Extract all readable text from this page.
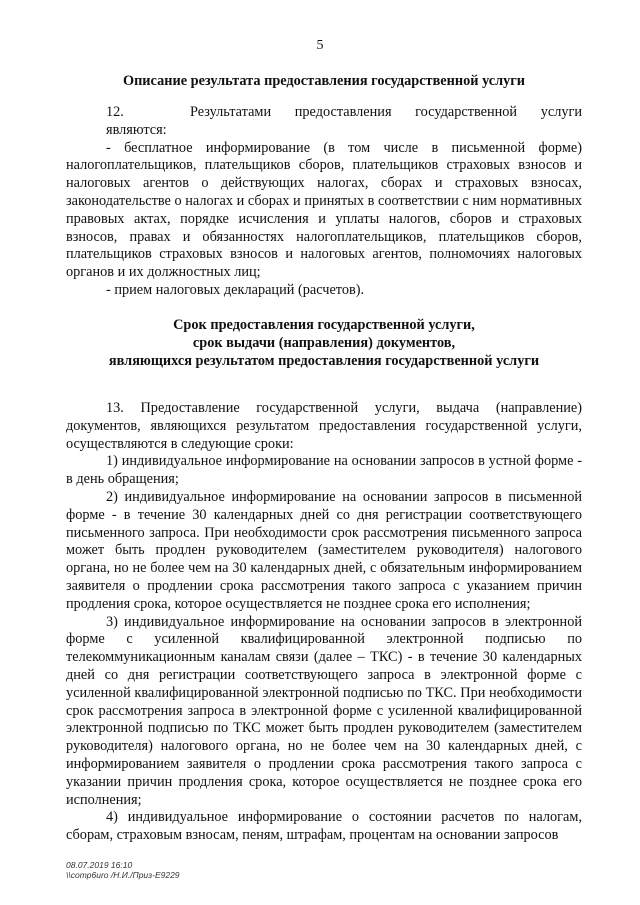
5
Описание результата предоставления государственной услуги

12.	Результатами предоставления государственной услуги являются:

- бесплатное информирование (в том числе в письменной форме) налогоплательщиков, плательщиков сборов, плательщиков страховых взносов и налоговых агентов о действующих налогах, сборах и страховых взносах, законодательстве о налогах и сборах и принятых в соответствии с ним нормативных правовых актах, порядке исчисления и уплаты налогов, сборов и страховых взносов, правах и обязанностях налогоплательщиков, плательщиков сборов, плательщиков страховых взносов и налоговых агентов, полномочиях налоговых органов и их должностных лиц;

- прием налоговых деклараций (расчетов).

Срок предоставления государственной услуги,
срок выдачи (направления) документов,
являющихся результатом предоставления государственной услуги

13. Предоставление государственной услуги, выдача (направление) документов, являющихся результатом предоставления государственной услуги, осуществляются в следующие сроки:

1) индивидуальное информирование на основании запросов в устной форме - в день обращения;

2) индивидуальное информирование на основании запросов в письменной форме - в течение 30 календарных дней со дня регистрации соответствующего письменного запроса. При необходимости срок рассмотрения письменного запроса может быть продлен руководителем (заместителем руководителя) налогового органа, но не более чем на 30 календарных дней, с обязательным информированием заявителя о продлении срока рассмотрения такого запроса с указанием причин продления срока, которое осуществляется не позднее срока его исполнения;

3) индивидуальное информирование на основании запросов в электронной форме с усиленной квалифицированной электронной подписью по телекоммуникационным каналам связи (далее – ТКС) - в течение 30 календарных дней со дня регистрации соответствующего запроса в электронной форме с усиленной квалифицированной электронной подписью по ТКС. При необходимости срок рассмотрения запроса в электронной форме с усиленной квалифицированной электронной подписью по ТКС может быть продлен руководителем (заместителем руководителя) налогового органа, но не более чем на 30 календарных дней, с информированием заявителя о продлении срока рассмотрения такого запроса с указании причин продления срока, которое осуществляется не позднее срока его исполнения;

4) индивидуальное информирование о состоянии расчетов по налогам, сборам, страховым взносам, пеням, штрафам, процентам на основании запросов

08.07.2019 16:10
\\comp6uro /Н.И./Приз-Е9229
